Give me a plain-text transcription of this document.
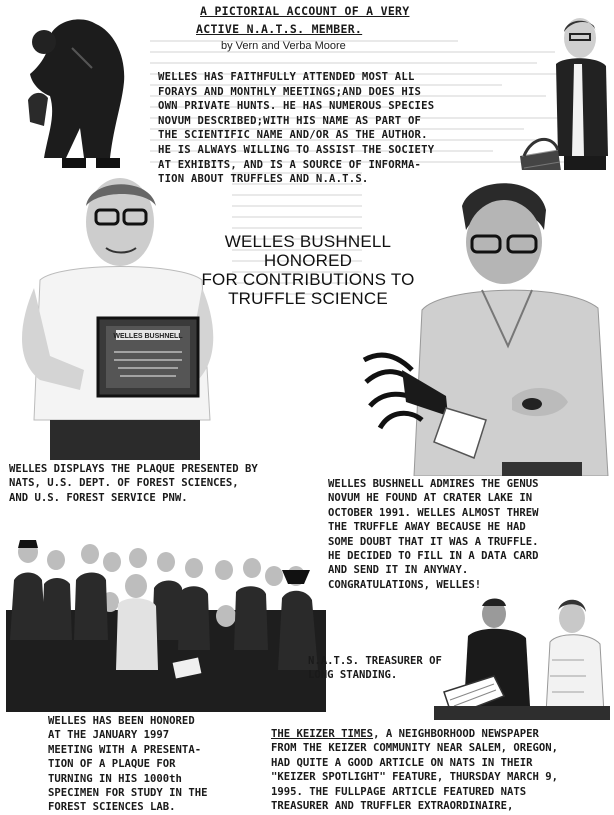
WELLES BUSHNELL
A PICTORIAL ACCOUNT OF A VERY
ACTIVE N.A.T.S. MEMBER.
by Vern and Verba Moore
WELLES HAS FAITHFULLY ATTENDED MOST ALL
FORAYS AND MONTHLY MEETINGS;AND DOES HIS
OWN PRIVATE HUNTS. HE HAS NUMEROUS SPECIES
NOVUM DESCRIBED;WITH HIS NAME AS PART OF
THE SCIENTIFIC NAME AND/OR AS THE AUTHOR.
HE IS ALWAYS WILLING TO ASSIST THE SOCIETY
AT EXHIBITS, AND IS A SOURCE OF INFORMA-
TION ABOUT TRUFFLES AND N.A.T.S.
WELLES BUSHNELL HONORED
FOR CONTRIBUTIONS TO
TRUFFLE SCIENCE
WELLES DISPLAYS THE PLAQUE PRESENTED BY
NATS, U.S. DEPT. OF FOREST SCIENCES,
AND U.S. FOREST SERVICE PNW.
WELLES BUSHNELL ADMIRES THE GENUS
NOVUM HE FOUND AT CRATER LAKE IN
OCTOBER 1991. WELLES ALMOST THREW
THE TRUFFLE AWAY BECAUSE HE HAD
SOME DOUBT THAT IT WAS A TRUFFLE.
HE DECIDED TO FILL IN A DATA CARD
AND SEND IT IN ANYWAY.
CONGRATULATIONS, WELLES!
N.A.T.S. TREASURER OF
LONG STANDING.
WELLES HAS BEEN HONORED
AT THE JANUARY 1997
MEETING WITH A PRESENTA-
TION OF A PLAQUE FOR
TURNING IN HIS 1000th
SPECIMEN FOR STUDY IN THE
FOREST SCIENCES LAB.
THE KEIZER TIMES, A NEIGHBORHOOD NEWSPAPER
FROM THE KEIZER COMMUNITY NEAR SALEM, OREGON,
HAD QUITE A GOOD ARTICLE ON NATS IN THEIR
"KEIZER SPOTLIGHT" FEATURE, THURSDAY MARCH 9,
1995. THE FULLPAGE ARTICLE FEATURED NATS
TREASURER AND TRUFFLER EXTRAORDINAIRE,
